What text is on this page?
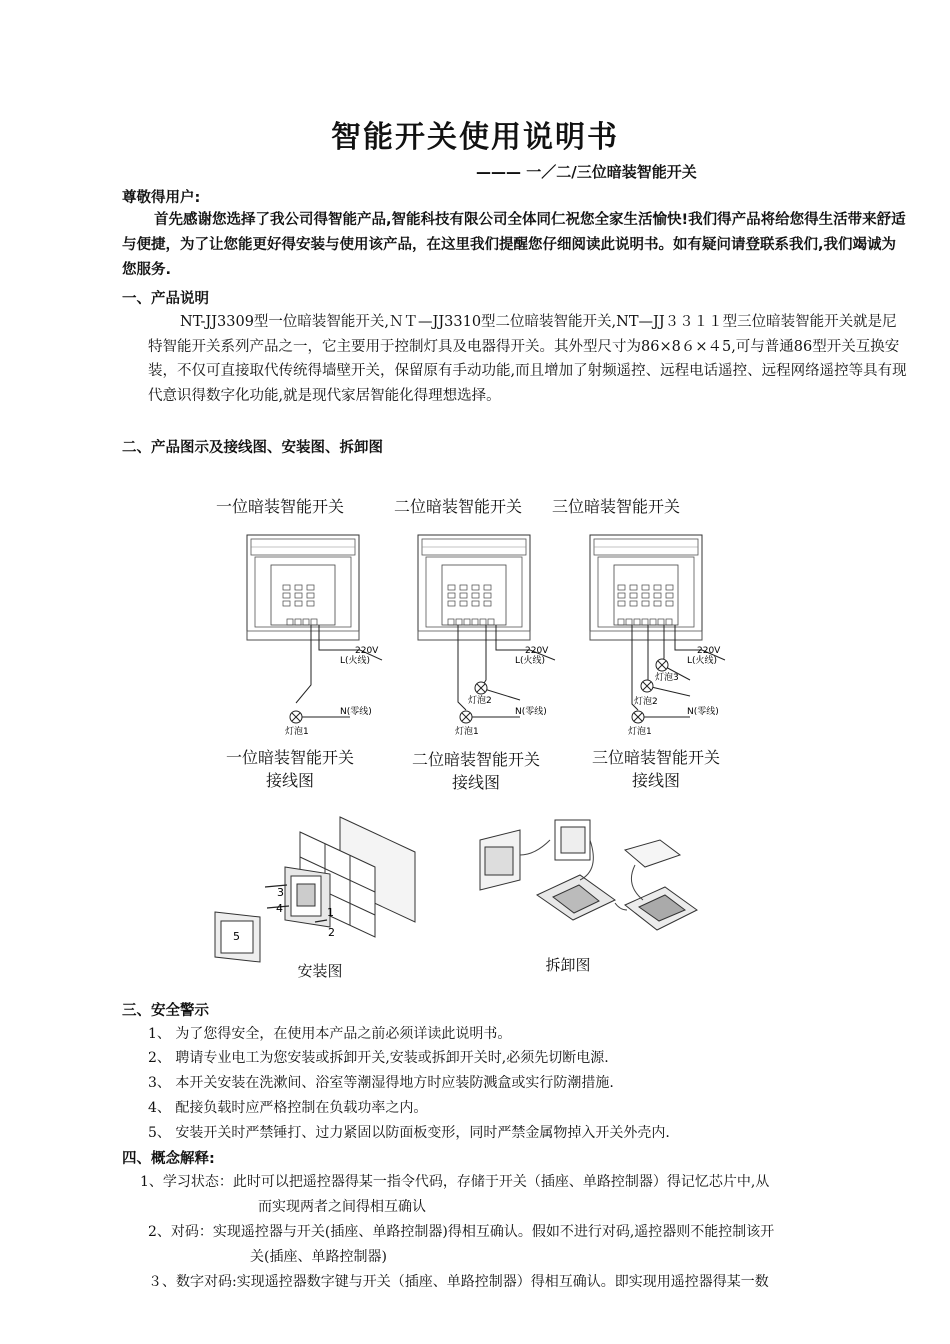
智能开关使用说明书
——— 一／二/三位暗装智能开关
尊敬得用户:
首先感谢您选择了我公司得智能产品,智能科技有限公司全体同仁祝您全家生活愉快!我们得产品将给您得生活带来舒适与便捷，为了让您能更好得安装与使用该产品，在这里我们提醒您仔细阅读此说明书。如有疑问请登联系我们,我们竭诚为您服务.
一、产品说明
NT-JJ3309型一位暗装智能开关,ＮＴ—JJ3310型二位暗装智能开关,NT—JJ３３１１型三位暗装智能开关就是尼特智能开关系列产品之一，它主要用于控制灯具及电器得开关。其外型尺寸为86×8６×４5,可与普通86型开关互换安装，不仅可直接取代传统得墙壁开关，保留原有手动功能,而且增加了射频遥控、远程电话遥控、远程网络遥控等具有现代意识得数字化功能,就是现代家居智能化得理想选择。
二、产品图示及接线图、安装图、拆卸图
一位暗装智能开关	二位暗装智能开关	三位暗装智能开关
220V
L(火线)
N(零线)
灯泡1
220V
L(火线)
N(零线)
灯泡2
灯泡1
220V
L(火线)
N(零线)
灯泡3
灯泡2
灯泡1
一位暗装智能开关
接线图
二位暗装智能开关
接线图
三位暗装智能开关
接线图
3
4	1
2
5
安装图	拆卸图
三、安全警示
1、 为了您得安全，在使用本产品之前必须详读此说明书。
2、 聘请专业电工为您安装或拆卸开关,安装或拆卸开关时,必须先切断电源.
3、 本开关安装在洗漱间、浴室等潮湿得地方时应装防溅盒或实行防潮措施.
4、 配接负载时应严格控制在负载功率之内。
5、 安装开关时严禁锤打、过力紧固以防面板变形，同时严禁金属物掉入开关外壳内.
四、概念解释:
1、学习状态：此时可以把遥控器得某一指令代码，存储于开关（插座、单路控制器）得记忆芯片中,从
而实现两者之间得相互确认
2、对码：实现遥控器与开关(插座、单路控制器)得相互确认。假如不进行对码,遥控器则不能控制该开
关(插座、单路控制器)
３、数字对码:实现遥控器数字键与开关（插座、单路控制器）得相互确认。即实现用遥控器得某一数
